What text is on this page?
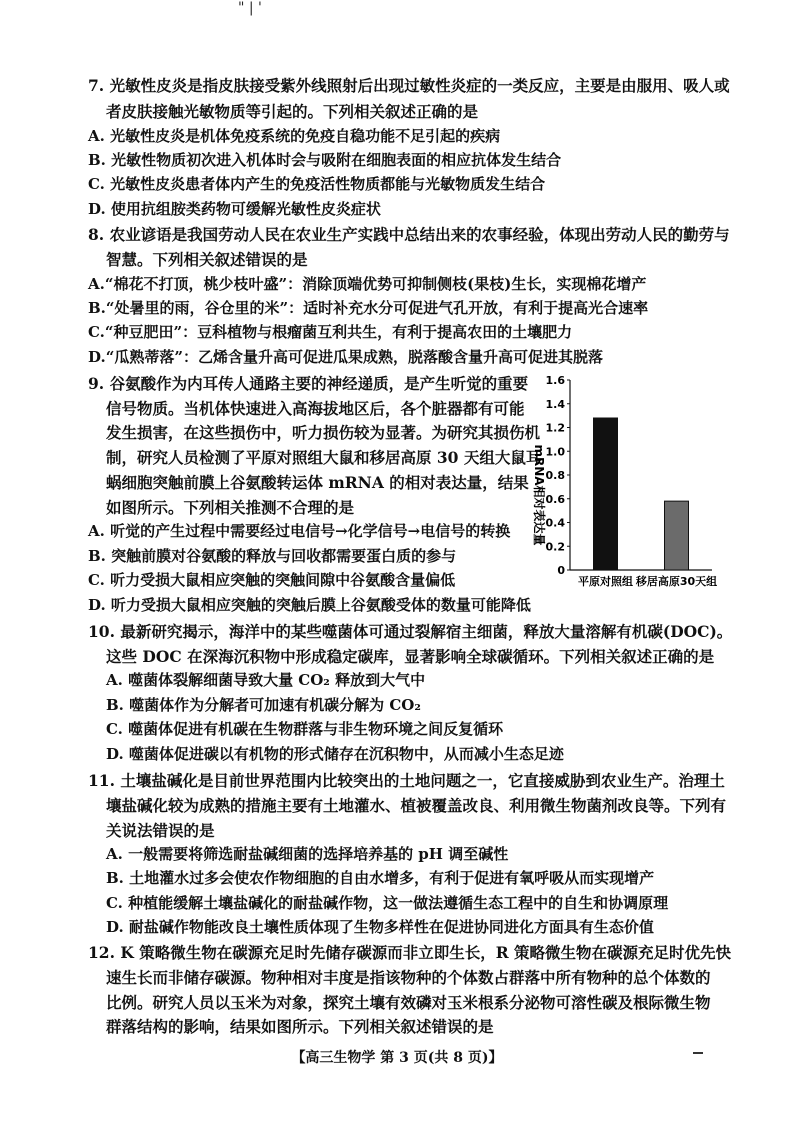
" | '
7. 光敏性皮炎是指皮肤接受紫外线照射后出现过敏性炎症的一类反应，主要是由服用、吸人或
者皮肤接触光敏物质等引起的。下列相关叙述正确的是
A. 光敏性皮炎是机体免疫系统的免疫自稳功能不足引起的疾病
B. 光敏性物质初次进入机体时会与吸附在细胞表面的相应抗体发生结合
C. 光敏性皮炎患者体内产生的免疫活性物质都能与光敏物质发生结合
D. 使用抗组胺类药物可缓解光敏性皮炎症状
8. 农业谚语是我国劳动人民在农业生产实践中总结出来的农事经验，体现出劳动人民的勤劳与
智慧。下列相关叙述错误的是
A.“棉花不打顶，桃少枝叶盛”：消除顶端优势可抑制侧枝(果枝)生长，实现棉花增产
B.“处暑里的雨，谷仓里的米”：适时补充水分可促进气孔开放，有利于提高光合速率
C.“种豆肥田”：豆科植物与根瘤菌互利共生，有利于提高农田的土壤肥力
D.“瓜熟蒂落”：乙烯含量升高可促进瓜果成熟，脱落酸含量升高可促进其脱落
9. 谷氨酸作为内耳传人通路主要的神经递质，是产生听觉的重要
信号物质。当机体快速进入高海拔地区后，各个脏器都有可能
发生损害，在这些损伤中，听力损伤较为显著。为研究其损伤机
制，研究人员检测了平原对照组大鼠和移居高原 30 天组大鼠耳
蜗细胞突触前膜上谷氨酸转运体 mRNA 的相对表达量，结果
如图所示。下列相关推测不合理的是
A. 听觉的产生过程中需要经过电信号→化学信号→电信号的转换
B. 突触前膜对谷氨酸的释放与回收都需要蛋白质的参与
C. 听力受损大鼠相应突触的突触间隙中谷氨酸含量偏低
D. 听力受损大鼠相应突触的突触后膜上谷氨酸受体的数量可能降低
mRNA相对表达量
1.6
1.4
1.2
1.0
0.8
0.6
0.4
0.2
0
平原对照组 移居高原30天组
10. 最新研究揭示，海洋中的某些噬菌体可通过裂解宿主细菌，释放大量溶解有机碳(DOC)。
这些 DOC 在深海沉积物中形成稳定碳库，显著影响全球碳循环。下列相关叙述正确的是
A. 噬菌体裂解细菌导致大量 CO₂ 释放到大气中
B. 噬菌体作为分解者可加速有机碳分解为 CO₂
C. 噬菌体促进有机碳在生物群落与非生物环境之间反复循环
D. 噬菌体促进碳以有机物的形式储存在沉积物中，从而减小生态足迹
11. 土壤盐碱化是目前世界范围内比较突出的土地问题之一，它直接威胁到农业生产。治理土
壤盐碱化较为成熟的措施主要有土地灌水、植被覆盖改良、利用微生物菌剂改良等。下列有
关说法错误的是
A. 一般需要将筛选耐盐碱细菌的选择培养基的 pH 调至碱性
B. 土地灌水过多会使农作物细胞的自由水增多，有利于促进有氧呼吸从而实现增产
C. 种植能缓解土壤盐碱化的耐盐碱作物，这一做法遵循生态工程中的自生和协调原理
D. 耐盐碱作物能改良土壤性质体现了生物多样性在促进协同进化方面具有生态价值
12. K 策略微生物在碳源充足时先储存碳源而非立即生长，R 策略微生物在碳源充足时优先快
速生长而非储存碳源。物种相对丰度是指该物种的个体数占群落中所有物种的总个体数的
比例。研究人员以玉米为对象，探究土壤有效磷对玉米根系分泌物可溶性碳及根际微生物
群落结构的影响，结果如图所示。下列相关叙述错误的是
【高三生物学 第 3 页(共 8 页)】
